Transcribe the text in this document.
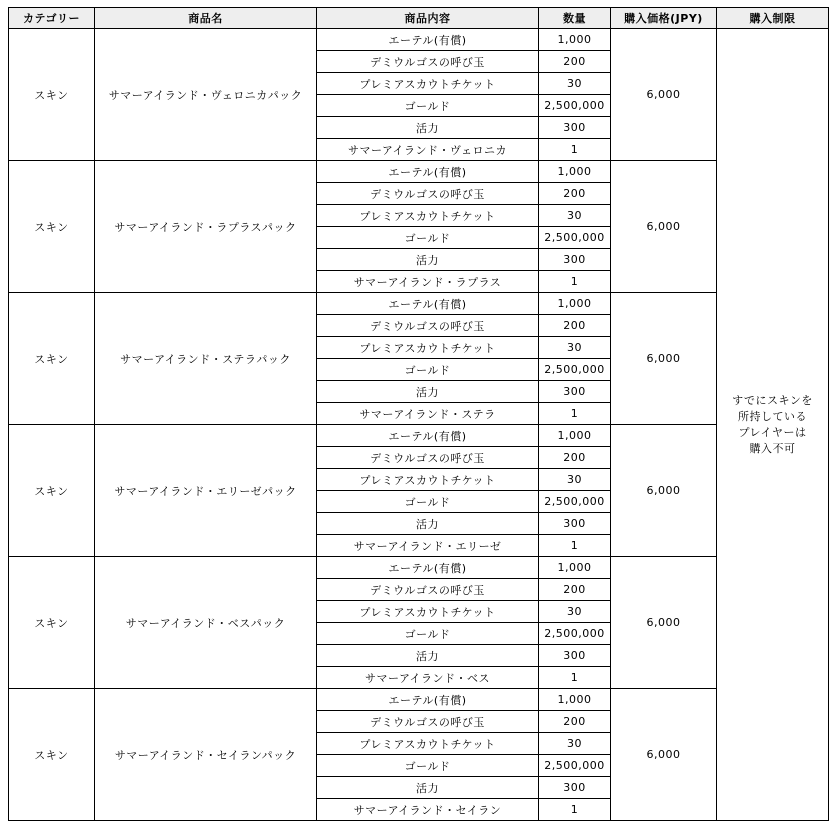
カテゴリー	商品名	商品内容	数量	購入価格(JPY)	購入制限
スキン	サマーアイランド・ヴェロニカパック	エーテル(有償)	1,000	6,000	すでにスキンを
所持している
プレイヤーは
購入不可

		デミウルゴスの呼び玉	200		
		プレミアスカウトチケット	30		
		ゴールド	2,500,000		
		活力	300		
		サマーアイランド・ヴェロニカ	1		
スキン	サマーアイランド・ラプラスパック	エーテル(有償)	1,000	6,000	
		デミウルゴスの呼び玉	200		
		プレミアスカウトチケット	30		
		ゴールド	2,500,000		
		活力	300		
		サマーアイランド・ラプラス	1		
スキン	サマーアイランド・ステラパック	エーテル(有償)	1,000	6,000	
		デミウルゴスの呼び玉	200		
		プレミアスカウトチケット	30		
		ゴールド	2,500,000		
		活力	300		
		サマーアイランド・ステラ	1		
スキン	サマーアイランド・エリーゼパック	エーテル(有償)	1,000	6,000	
		デミウルゴスの呼び玉	200		
		プレミアスカウトチケット	30		
		ゴールド	2,500,000		
		活力	300		
		サマーアイランド・エリーゼ	1		
スキン	サマーアイランド・ベスパック	エーテル(有償)	1,000	6,000	
		デミウルゴスの呼び玉	200		
		プレミアスカウトチケット	30		
		ゴールド	2,500,000		
		活力	300		
		サマーアイランド・ベス	1		
スキン	サマーアイランド・セイランパック	エーテル(有償)	1,000	6,000	
		デミウルゴスの呼び玉	200		
		プレミアスカウトチケット	30		
		ゴールド	2,500,000		
		活力	300		
		サマーアイランド・セイラン	1		
